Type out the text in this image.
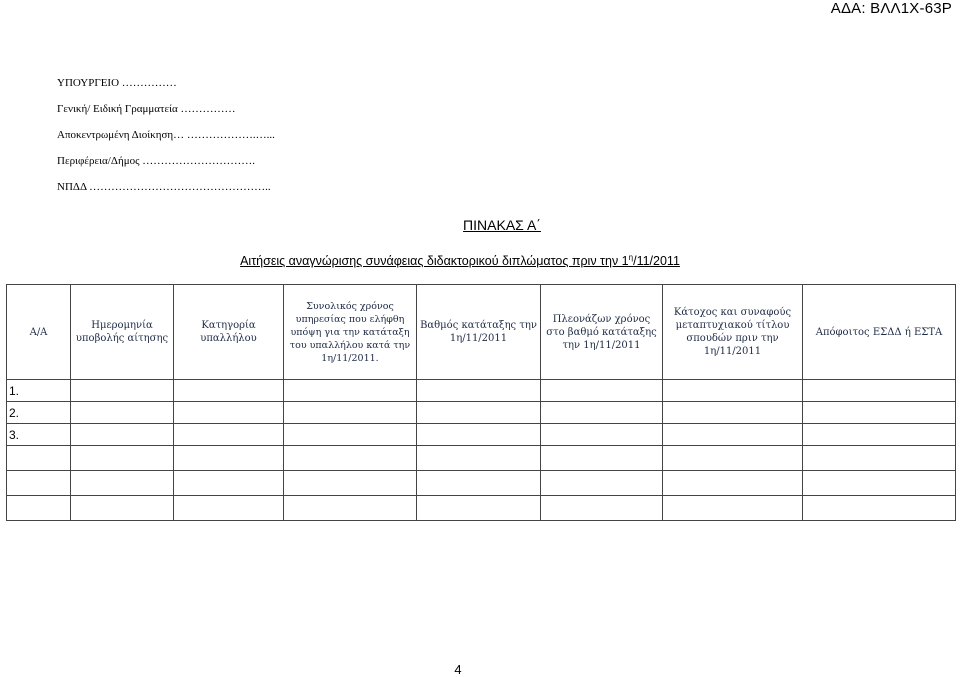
ΑΔΑ: ΒΛΛ1Χ-63Ρ
ΥΠΟΥΡΓΕΙΟ ……………
Γενική/ Ειδική Γραμματεία ……………
Αποκεντρωμένη Διοίκηση… ……………….…...
Περιφέρεια/Δήμος ………………………….
ΝΠΔΔ …………………………………………..
ΠΙΝΑΚΑΣ Α΄
Αιτήσεις αναγνώρισης συνάφειας διδακτορικού διπλώματος πριν την $1^\eta/11/2011$
Α/Α	Ημερομηνία υποβολής αίτησης	Κατηγορία υπαλλήλου	Συνολικός χρόνος υπηρεσίας που ελήφθη υπόψη για την κατάταξη του υπαλλήλου κατά την 1η/11/2011.	Βαθμός κατάταξης την 1η/11/2011	Πλεονάζων χρόνος στο βαθμό κατάταξης την 1η/11/2011	Κάτοχος και συναφούς μεταπτυχιακού τίτλου σπουδών πριν την 1η/11/2011	Απόφοιτος ΕΣΔΔ ή ΕΣΤΑ
1.							
2.							
3.							

4
